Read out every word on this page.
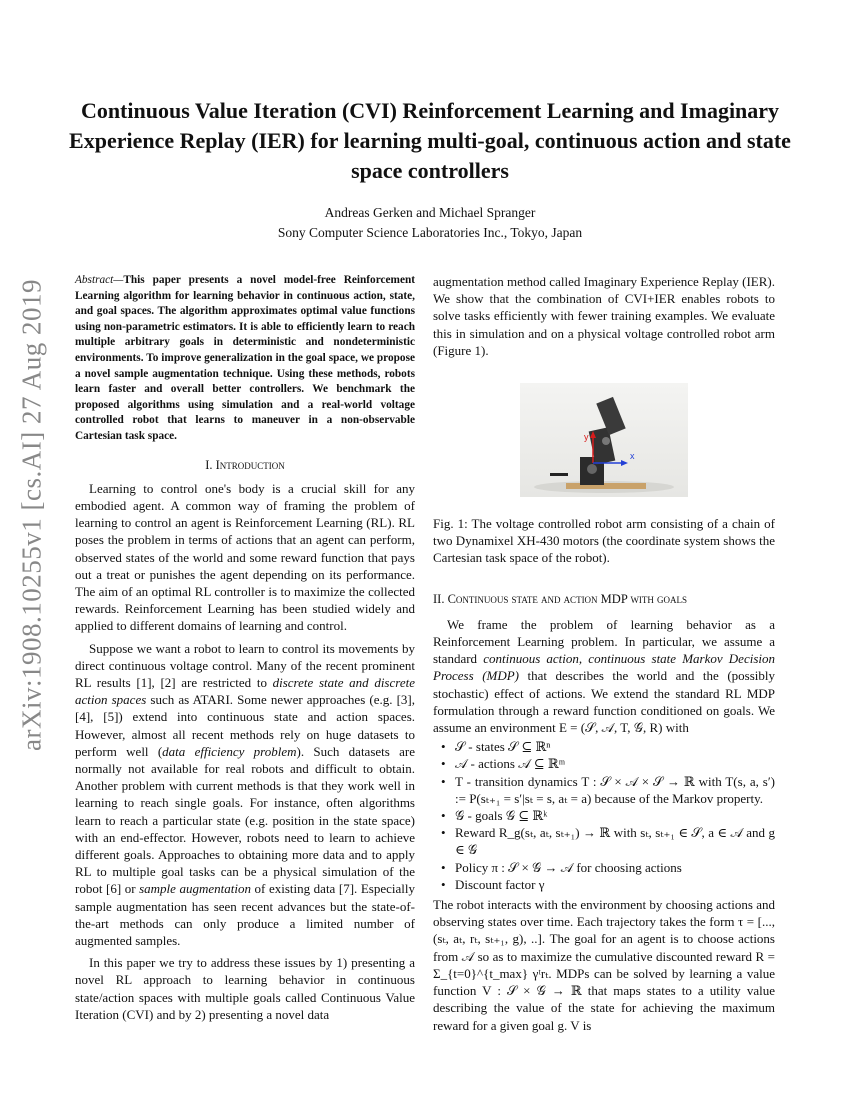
arXiv:1908.10255v1 [cs.AI] 27 Aug 2019
Continuous Value Iteration (CVI) Reinforcement Learning and Imaginary Experience Replay (IER) for learning multi-goal, continuous action and state space controllers
Andreas Gerken and Michael Spranger
Sony Computer Science Laboratories Inc., Tokyo, Japan

Abstract—This paper presents a novel model-free Reinforcement Learning algorithm for learning behavior in continuous action, state, and goal spaces. The algorithm approximates optimal value functions using non-parametric estimators. It is able to efficiently learn to reach multiple arbitrary goals in deterministic and nondeterministic environments. To improve generalization in the goal space, we propose a novel sample augmentation technique. Using these methods, robots learn faster and overall better controllers. We benchmark the proposed algorithms using simulation and a real-world voltage controlled robot that learns to maneuver in a non-observable Cartesian task space.

I. Introduction

Learning to control one's body is a crucial skill for any embodied agent. A common way of framing the problem of learning to control an agent is Reinforcement Learning (RL). RL poses the problem in terms of actions that an agent can perform, observed states of the world and some reward function that pays out a treat or punishes the agent depending on its performance. The aim of an optimal RL controller is to maximize the collected rewards. Reinforcement Learning has been studied widely and applied to different domains of learning and control.

Suppose we want a robot to learn to control its movements by direct continuous voltage control. Many of the recent prominent RL results [1], [2] are restricted to discrete state and discrete action spaces such as ATARI. Some newer approaches (e.g. [3], [4], [5]) extend into continuous state and action spaces. However, almost all recent methods rely on huge datasets to perform well (data efficiency problem). Such datasets are normally not available for real robots and difficult to obtain. Another problem with current methods is that they work well in learning to reach single goals. For instance, often algorithms learn to reach a particular state (e.g. position in the state space) with an end-effector. However, robots need to learn to achieve different goals. Approaches to obtaining more data and to apply RL to multiple goal tasks can be a physical simulation of the robot [6] or sample augmentation of existing data [7]. Especially sample augmentation has seen recent advances but the state-of-the-art methods can only produce a limited number of augmented samples.

In this paper we try to address these issues by 1) presenting a novel RL approach to learning behavior in continuous state/action spaces with multiple goals called Continuous Value Iteration (CVI) and by 2) presenting a novel data

augmentation method called Imaginary Experience Replay (IER). We show that the combination of CVI+IER enables robots to solve tasks efficiently with fewer training examples. We evaluate this in simulation and on a physical voltage controlled robot arm (Figure 1).

y
x

Fig. 1: The voltage controlled robot arm consisting of a chain of two Dynamixel XH-430 motors (the coordinate system shows the Cartesian task space of the robot).

II. Continuous state and action MDP with goals

We frame the problem of learning behavior as a Reinforcement Learning problem. In particular, we assume a standard continuous action, continuous state Markov Decision Process (MDP) that describes the world and the (possibly stochastic) effect of actions. We extend the standard RL MDP formulation through a reward function conditioned on goals. We assume an environment E = (𝒮, 𝒜, T, 𝒢, R) with

• 𝒮 - states 𝒮 ⊆ ℝⁿ
• 𝒜 - actions 𝒜 ⊆ ℝᵐ
• T - transition dynamics T : 𝒮 × 𝒜 × 𝒮 → ℝ with T(s, a, s′) := P(sₜ₊₁ = s′|sₜ = s, aₜ = a) because of the Markov property.
• 𝒢 - goals 𝒢 ⊆ ℝᵏ
• Reward R_g(sₜ, aₜ, sₜ₊₁) → ℝ with sₜ, sₜ₊₁ ∈ 𝒮, a ∈ 𝒜 and g ∈ 𝒢
• Policy π : 𝒮 × 𝒢 → 𝒜 for choosing actions
• Discount factor γ

The robot interacts with the environment by choosing actions and observing states over time. Each trajectory takes the form τ = [..., (sₜ, aₜ, rₜ, sₜ₊₁, g), ..]. The goal for an agent is to choose actions from 𝒜 so as to maximize the cumulative discounted reward R = Σ_{t=0}^{t_max} γᵗrₜ. MDPs can be solved by learning a value function V : 𝒮 × 𝒢 → ℝ that maps states to a utility value describing the value of the state for achieving the maximum reward for a given goal g. V is
